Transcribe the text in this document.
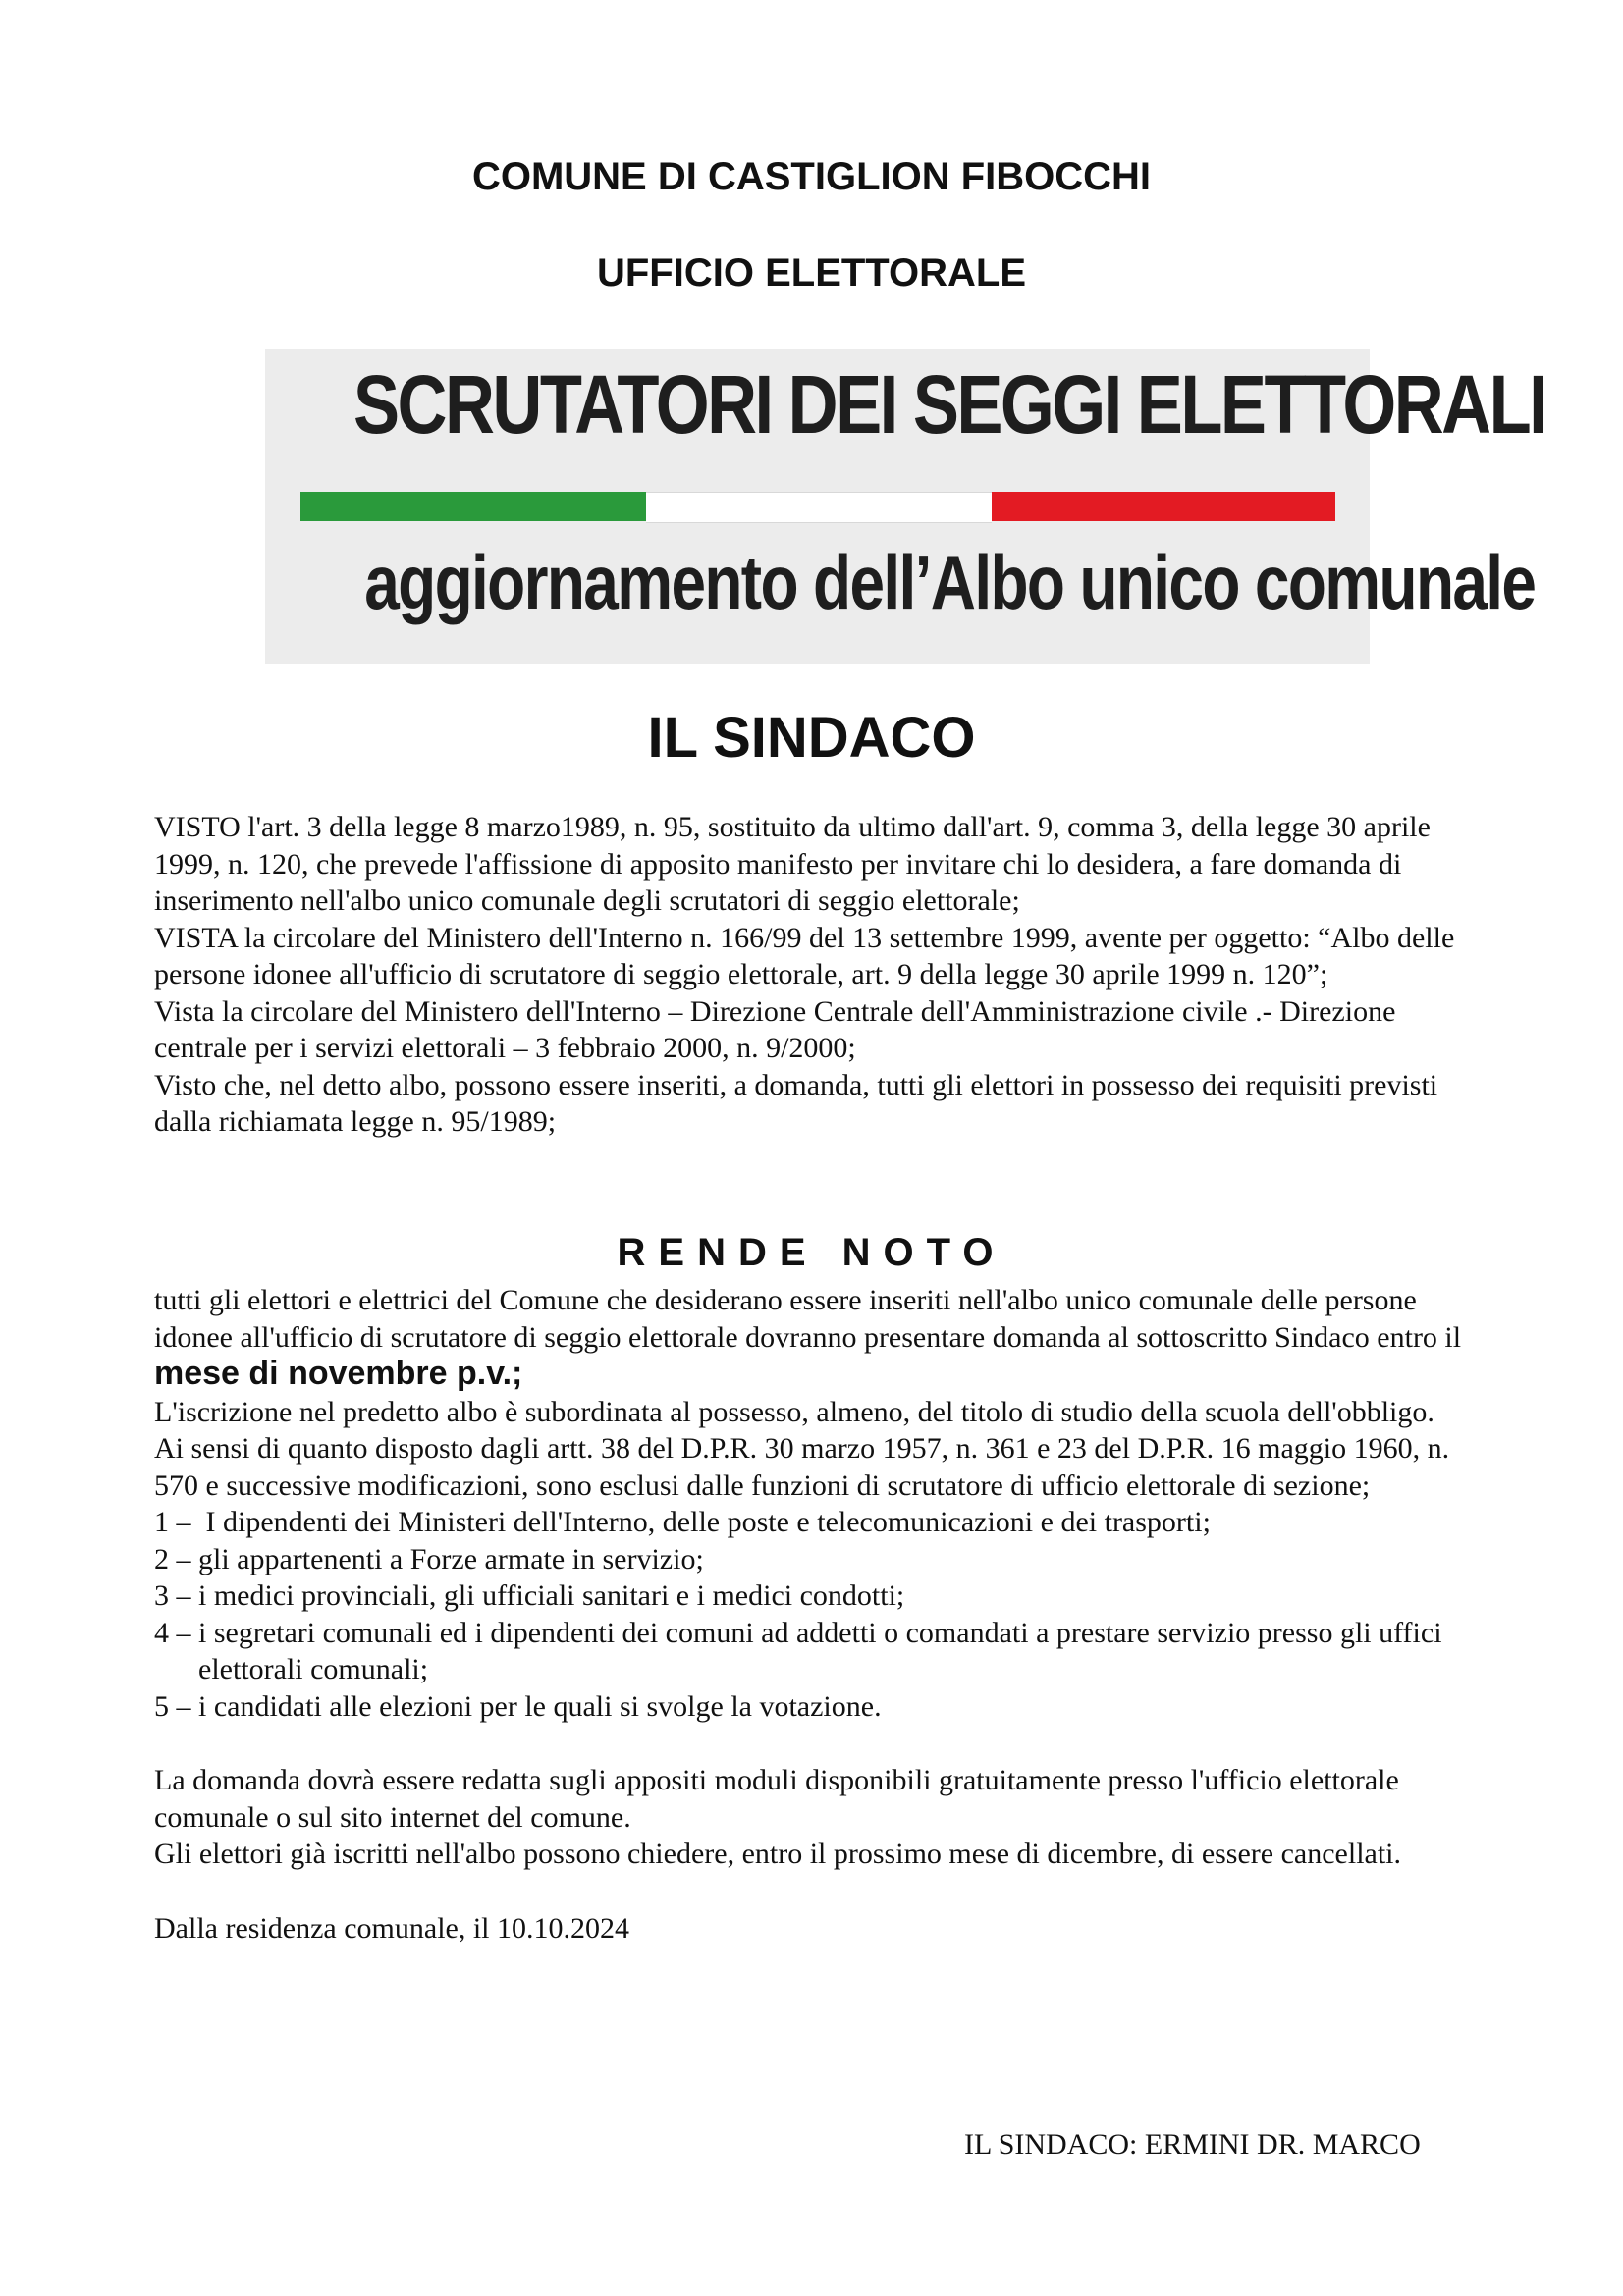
COMUNE DI CASTIGLION FIBOCCHI
UFFICIO ELETTORALE
SCRUTATORI DEI SEGGI ELETTORALI
aggiornamento dell’Albo unico comunale
IL SINDACO

VISTO l'art. 3 della legge 8 marzo1989, n. 95, sostituito da ultimo dall'art. 9, comma 3, della legge 30 aprile 1999, n. 120, che prevede l'affissione di apposito manifesto per invitare chi lo desidera, a fare domanda di inserimento nell'albo unico comunale degli scrutatori di seggio elettorale;

VISTA la circolare del Ministero dell'Interno n. 166/99 del 13 settembre 1999, avente per oggetto: “Albo delle persone idonee all'ufficio di scrutatore di seggio elettorale, art. 9 della legge 30 aprile 1999 n. 120”;

Vista la circolare del Ministero dell'Interno – Direzione Centrale dell'Amministrazione civile .- Direzione centrale per i servizi elettorali – 3 febbraio 2000, n. 9/2000;

Visto che, nel detto albo, possono essere inseriti, a domanda, tutti gli elettori in possesso dei requisiti previsti dalla richiamata legge n. 95/1989;

RENDE NOTO

tutti gli elettori e elettrici del Comune che desiderano essere inseriti nell'albo unico comunale delle persone idonee all'ufficio di scrutatore di seggio elettorale dovranno presentare domanda al sottoscritto Sindaco entro il mese di novembre p.v.;

L'iscrizione nel predetto albo è subordinata al possesso, almeno, del titolo di studio della scuola dell'obbligo.

Ai sensi di quanto disposto dagli artt. 38 del D.P.R. 30 marzo 1957, n. 361 e 23 del D.P.R. 16 maggio 1960, n. 570 e successive modificazioni, sono esclusi dalle funzioni di scrutatore di ufficio elettorale di sezione;

1 – I dipendenti dei Ministeri dell'Interno, delle poste e telecomunicazioni e dei trasporti;
2 – gli appartenenti a Forze armate in servizio;
3 – i medici provinciali, gli ufficiali sanitari e i medici condotti;
4 – i segretari comunali ed i dipendenti dei comuni ad addetti o comandati a prestare servizio presso gli uffici elettorali comunali;
5 – i candidati alle elezioni per le quali si svolge la votazione.

La domanda dovrà essere redatta sugli appositi moduli disponibili gratuitamente presso l'ufficio elettorale comunale o sul sito internet del comune.

Gli elettori già iscritti nell'albo possono chiedere, entro il prossimo mese di dicembre, di essere cancellati.

Dalla residenza comunale, il 10.10.2024

IL SINDACO: ERMINI DR. MARCO
